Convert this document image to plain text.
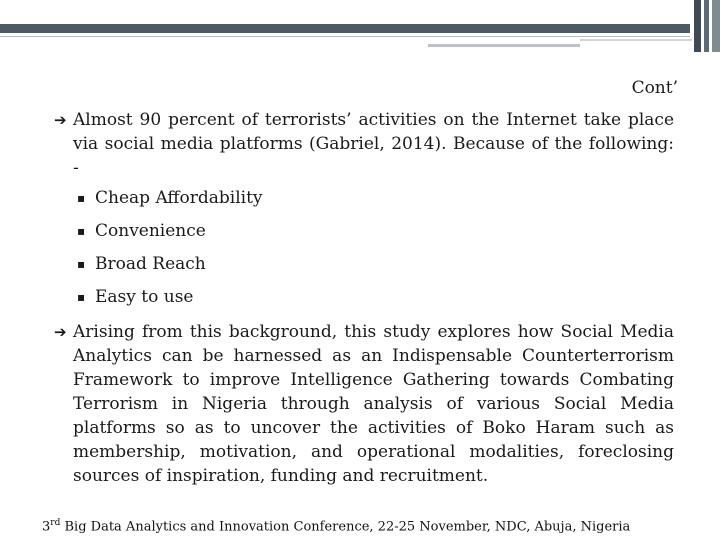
Cont’
➔ Almost 90 percent of terrorists’ activities on the Internet take place via social media platforms (Gabriel, 2014). Because of the following: -
▪ Cheap Affordability
▪ Convenience
▪ Broad Reach
▪ Easy to use
➔ Arising from this background, this study explores how Social Media Analytics can be harnessed as an Indispensable Counterterrorism Framework to improve Intelligence Gathering towards Combating Terrorism in Nigeria through analysis of various Social Media platforms so as to uncover the activities of Boko Haram such as membership, motivation, and operational modalities, foreclosing sources of inspiration, funding and recruitment.
3rd Big Data Analytics and Innovation Conference, 22-25 November, NDC, Abuja, Nigeria
